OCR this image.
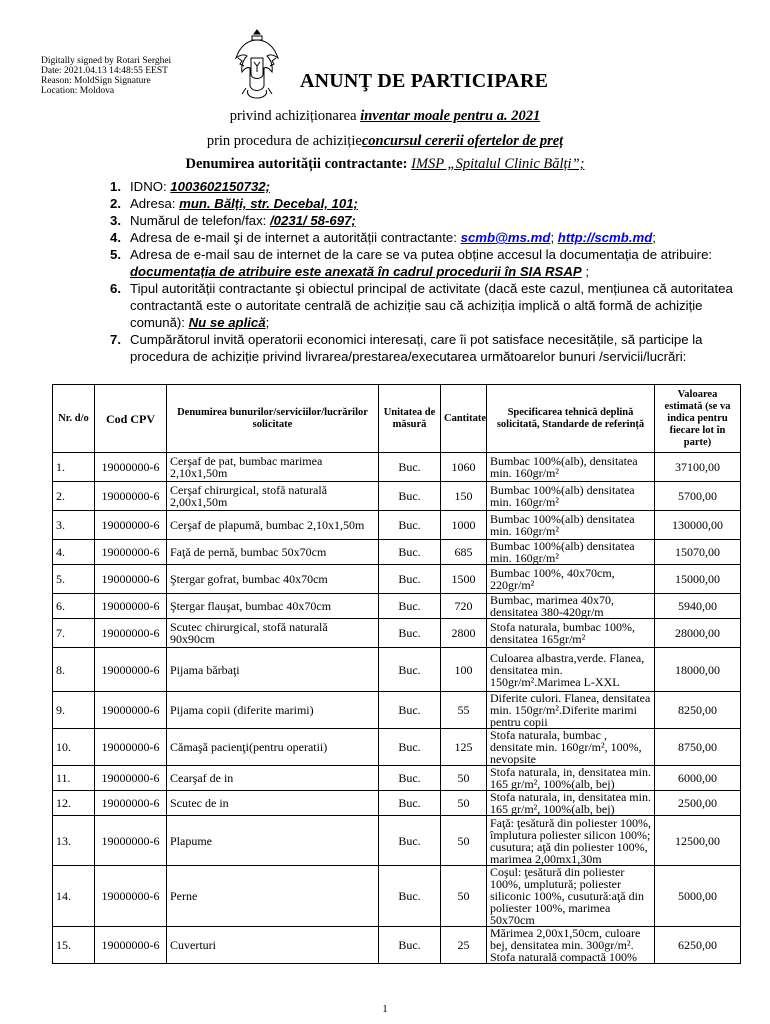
Digitally signed by Rotari Serghei
Date: 2021.04.13 14:48:55 EEST
Reason: MoldSign Signature
Location: Moldova	ANUNŢ DE PARTICIPARE
privind achiziționarea inventar moale pentru a. 2021
prin procedura de achizițieconcursul cererii ofertelor de preț
Denumirea autorității contractante: IMSP „Spitalul Clinic Bălți”;
1. IDNO: 1003602150732;
2. Adresa: mun. Bălți, str. Decebal, 101;
3. Numărul de telefon/fax: /0231/ 58-697;
4. Adresa de e-mail şi de internet a autorității contractante: scmb@ms.md; http://scmb.md;
5. Adresa de e-mail sau de internet de la care se va putea obține accesul la documentația de atribuire: documentația de atribuire este anexată în cadrul procedurii în SIA RSAP ;
6. Tipul autorității contractante şi obiectul principal de activitate (dacă este cazul, mențiunea că autoritatea contractantă este o autoritate centrală de achiziție sau că achiziția implică o altă formă de achiziție comună): Nu se aplică;
7. Cumpărătorul invită operatorii economici interesați, care îi pot satisface necesitățile, să participe la procedura de achiziție privind livrarea/prestarea/executarea următoarelor bunuri /servicii/lucrări:
Nr. d/o	Cod CPV	Denumirea bunurilor/serviciilor/lucrărilor solicitate	Unitatea de măsură	Cantitate	Specificarea tehnică deplină solicitată, Standarde de referință	Valoarea estimată (se va indica pentru fiecare lot în parte)
1.	19000000-6	Cerşaf de pat, bumbac marimea 2,10x1,50m	Buc.	1060	Bumbac 100%(alb), densitatea min. 160gr/m²	37100,00
2.	19000000-6	Cerşaf chirurgical, stofă naturală 2,00x1,50m	Buc.	150	Bumbac 100%(alb) densitatea min. 160gr/m²	5700,00
3.	19000000-6	Cerşaf de plapumă, bumbac 2,10x1,50m	Buc.	1000	Bumbac 100%(alb) densitatea min. 160gr/m²	130000,00
4.	19000000-6	Faţă de pernă, bumbac 50x70cm	Buc.	685	Bumbac 100%(alb) densitatea min. 160gr/m²	15070,00
5.	19000000-6	Ştergar gofrat, bumbac 40x70cm	Buc.	1500	Bumbac 100%, 40x70cm, 220gr/m²	15000,00
6.	19000000-6	Ştergar flauşat, bumbac 40x70cm	Buc.	720	Bumbac, marimea 40x70, densitatea 380-420gr/m	5940,00
7.	19000000-6	Scutec chirurgical, stofă naturală 90x90cm	Buc.	2800	Stofa naturala, bumbac 100%, densitatea 165gr/m²	28000,00
8.	19000000-6	Pijama bărbaţi	Buc.	100	Culoarea albastra,verde. Flanea, densitatea min. 150gr/m².Marimea L-XXL	18000,00
9.	19000000-6	Pijama copii (diferite marimi)	Buc.	55	Diferite culori. Flanea, densitatea min. 150gr/m².Diferite marimi pentru copii	8250,00
10.	19000000-6	Cămaşă pacienţi(pentru operatii)	Buc.	125	Stofa naturala, bumbac , densitate min. 160gr/m², 100%, nevopsite	8750,00
11.	19000000-6	Cearşaf de in	Buc.	50	Stofa naturala, in, densitatea min. 165 gr/m², 100%(alb, bej)	6000,00
12.	19000000-6	Scutec de in	Buc.	50	Stofa naturala, in, densitatea min. 165 gr/m², 100%(alb, bej)	2500,00
13.	19000000-6	Plapume	Buc.	50	Faţă: ţesătură din poliester 100%, împlutura poliester silicon 100%; cusutura; aţă din poliester 100%, marimea 2,00mx1,30m	12500,00
14.	19000000-6	Perne	Buc.	50	Coşul: ţesătură din poliester 100%, umplutură; poliester siliconic 100%, cusutură:aţă din poliester 100%, marimea 50x70cm	5000,00
15.	19000000-6	Cuverturi	Buc.	25	Mărimea 2,00x1,50cm, culoare bej, densitatea min. 300gr/m². Stofa naturală compactă 100%	6250,00
1
